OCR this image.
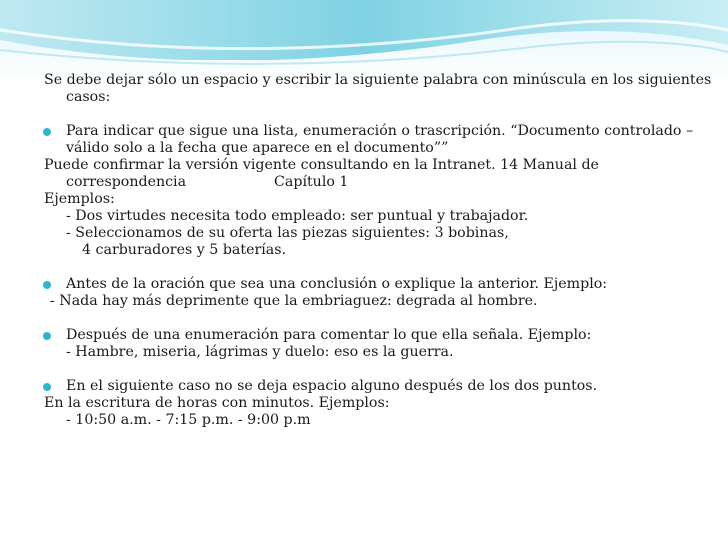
Se debe dejar sólo un espacio y escribir la siguiente palabra con minúscula en los siguientes casos:
Para indicar que sigue una lista, enumeración o trascripción. “Documento controlado – válido solo a la fecha que aparece en el documento””
Puede confirmar la versión vigente consultando en la Intranet. 14 Manual de correspondencia	Capítulo 1
Ejemplos:
- Dos virtudes necesita todo empleado: ser puntual y trabajador.
- Seleccionamos de su oferta las piezas siguientes: 3 bobinas,
4 carburadores y 5 baterías.
Antes de la oración que sea una conclusión o explique la anterior. Ejemplo:
- Nada hay más deprimente que la embriaguez: degrada al hombre.
Después de una enumeración para comentar lo que ella señala. Ejemplo:
- Hambre, miseria, lágrimas y duelo: eso es la guerra.
En el siguiente caso no se deja espacio alguno después de los dos puntos.
En la escritura de horas con minutos. Ejemplos:
- 10:50 a.m. - 7:15 p.m. - 9:00 p.m
